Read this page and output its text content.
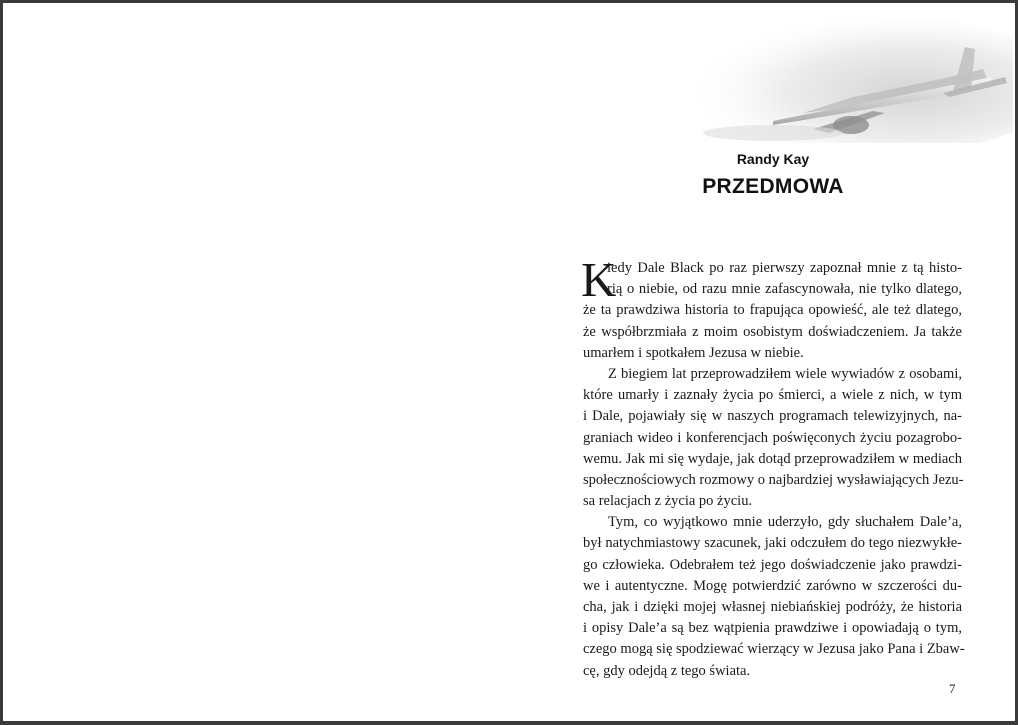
Randy Kay
PRZEDMOWA
K
iedy Dale Black po raz pierwszy zapoznał mnie z tą histo-
rią o niebie, od razu mnie zafascynowała, nie tylko dlatego,
że ta prawdziwa historia to frapująca opowieść, ale też dlatego,
że współbrzmiała z moim osobistym doświadczeniem. Ja także
umarłem i spotkałem Jezusa w niebie.
Z biegiem lat przeprowadziłem wiele wywiadów z osobami,
które umarły i zaznały życia po śmierci, a wiele z nich, w tym
i Dale, pojawiały się w naszych programach telewizyjnych, na-
graniach wideo i konferencjach poświęconych życiu pozagrobo-
wemu. Jak mi się wydaje, jak dotąd przeprowadziłem w mediach
społecznościowych rozmowy o najbardziej wysławiających Jezu-
sa relacjach z życia po życiu.
Tym, co wyjątkowo mnie uderzyło, gdy słuchałem Dale’a,
był natychmiastowy szacunek, jaki odczułem do tego niezwykłe-
go człowieka. Odebrałem też jego doświadczenie jako prawdzi-
we i autentyczne. Mogę potwierdzić zarówno w szczerości du-
cha, jak i dzięki mojej własnej niebiańskiej podróży, że historia
i opisy Dale’a są bez wątpienia prawdziwe i opowiadają o tym,
czego mogą się spodziewać wierzący w Jezusa jako Pana i Zbaw-
cę, gdy odejdą z tego świata.
7
